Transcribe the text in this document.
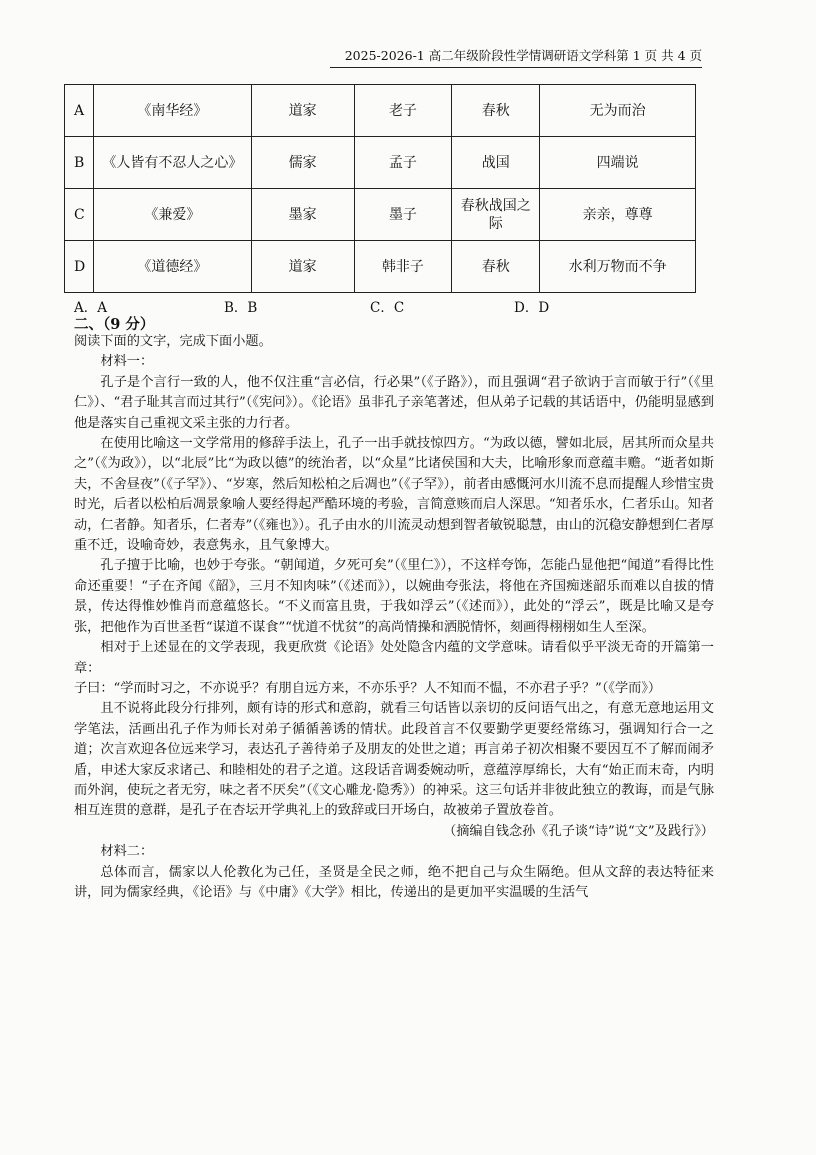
2025-2026-1 高二年级阶段性学情调研语文学科第 1 页 共 4 页
A	《南华经》	道家	老子	春秋	无为而治
B	《人皆有不忍人之心》	儒家	孟子	战国	四端说
C	《兼爱》	墨家	墨子	春秋战国之际	亲亲，尊尊
D	《道德经》	道家	韩非子	春秋	水利万物而不争
A．A	B．B	C．C	D．D
二、（9 分）

阅读下面的文字，完成下面小题。

材料一：

孔子是个言行一致的人，他不仅注重“言必信，行必果”（《子路》），而且强调“君子欲讷于言而敏于行”（《里仁》）、“君子耻其言而过其行”（《宪问》）。《论语》虽非孔子亲笔著述，但从弟子记载的其话语中，仍能明显感到他是落实自己重视文采主张的力行者。

在使用比喻这一文学常用的修辞手法上，孔子一出手就技惊四方。“为政以德，譬如北辰，居其所而众星共之”（《为政》），以“北辰”比“为政以德”的统治者，以“众星”比诸侯国和大夫，比喻形象而意蕴丰赡。“逝者如斯夫，不舍昼夜”（《子罕》）、“岁寒，然后知松柏之后凋也”（《子罕》），前者由感慨河水川流不息而提醒人珍惜宝贵时光，后者以松柏后凋景象喻人要经得起严酷环境的考验，言简意赅而启人深思。“知者乐水，仁者乐山。知者动，仁者静。知者乐，仁者寿”（《雍也》）。孔子由水的川流灵动想到智者敏锐聪慧，由山的沉稳安静想到仁者厚重不迁，设喻奇妙，表意隽永，且气象博大。

孔子擅于比喻，也妙于夸张。“朝闻道，夕死可矣”（《里仁》），不这样夸饰，怎能凸显他把“闻道”看得比性命还重要！“子在齐闻《韶》，三月不知肉味”（《述而》），以婉曲夸张法，将他在齐国痴迷韶乐而难以自拔的情景，传达得惟妙惟肖而意蕴悠长。“不义而富且贵，于我如浮云”（《述而》），此处的“浮云”，既是比喻又是夸张，把他作为百世圣哲“谋道不谋食”“忧道不忧贫”的高尚情操和洒脱情怀，刻画得栩栩如生人至深。

相对于上述显在的文学表现，我更欣赏《论语》处处隐含内蕴的文学意味。请看似乎平淡无奇的开篇第一章：

子曰：“学而时习之，不亦说乎？有朋自远方来，不亦乐乎？人不知而不愠，不亦君子乎？”（《学而》）

且不说将此段分行排列，颇有诗的形式和意韵，就看三句话皆以亲切的反问语气出之，有意无意地运用文学笔法，活画出孔子作为师长对弟子循循善诱的情状。此段首言不仅要勤学更要经常练习，强调知行合一之道；次言欢迎各位远来学习，表达孔子善待弟子及朋友的处世之道；再言弟子初次相聚不要因互不了解而闹矛盾，申述大家反求诸己、和睦相处的君子之道。这段话音调委婉动听，意蕴淳厚绵长，大有“始正而末奇，内明而外润，使玩之者无穷，味之者不厌矣”（《文心雕龙·隐秀》）的神采。这三句话并非彼此独立的教诲，而是气脉相互连贯的意群，是孔子在杏坛开学典礼上的致辞或曰开场白，故被弟子置放卷首。

（摘编自钱念孙《孔子谈“诗”说“文”及践行》）

材料二：

总体而言，儒家以人伦教化为己任，圣贤是全民之师，绝不把自己与众生隔绝。但从文辞的表达特征来讲，同为儒家经典，《论语》与《中庸》《大学》相比，传递出的是更加平实温暖的生活气
